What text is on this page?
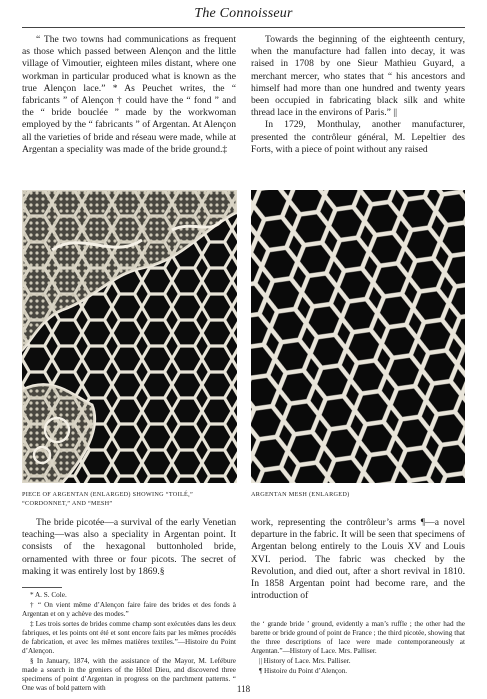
The Connoisseur

“ The two towns had communications as frequent as those which passed between Alençon and the little village of Vimoutier, eighteen miles distant, where one workman in particular produced what is known as the true Alençon lace.” * As Peuchet writes, the “ fabricants ” of Alençon † could have the “ fond ” and the “ bride bouclée ” made by the workwoman employed by the “ fabricants ” of Argentan. At Alençon all the varieties of bride and réseau were made, while at Argentan a speciality was made of the bride ground.‡

Towards the beginning of the eighteenth century, when the manufacture had fallen into decay, it was raised in 1708 by one Sieur Mathieu Guyard, a merchant mercer, who states that “ his ancestors and himself had more than one hundred and twenty years been occupied in fabricating black silk and white thread lace in the environs of Paris.” ||

In 1729, Monthulay, another manufacturer, presented the contrôleur général, M. Lepeltier des Forts, with a piece of point without any raised

PIECE OF ARGENTAN (ENLARGED) SHOWING “TOILÉ,” “CORDONNET,” AND “MESH”
ARGENTAN MESH (ENLARGED)

The bride picotée—a survival of the early Venetian teaching—was also a speciality in Argentan point. It consists of the hexagonal buttonholed bride, ornamented with three or four picots. The secret of making it was entirely lost by 1869.§

work, representing the contrôleur’s arms ¶—a novel departure in the fabric. It will be seen that specimens of Argentan belong entirely to the Louis XV and Louis XVI. period. The fabric was checked by the Revolution, and died out, after a short revival in 1810. In 1858 Argentan point had become rare, and the introduction of

* A. S. Cole.

† “ On vient même d’Alençon faire faire des brides et des fonds à Argentan et on y achève des modes.”

‡ Les trois sortes de brides comme champ sont exécutées dans les deux fabriques, et les points ont été et sont encore faits par les mêmes procédés de fabrication, et avec les mêmes matières textiles.”—Histoire du Point d’Alençon.

§ In January, 1874, with the assistance of the Mayor, M. Lefébure made a search in the greniers of the Hôtel Dieu, and discovered three specimens of point d’Argentan in progress on the parchment patterns. “ One was of bold pattern with

the ‘ grande bride ’ ground, evidently a man’s ruffle ; the other had the barette or bride ground of point de France ; the third picotée, showing that the three descriptions of lace were made contemporaneously at Argentan.”—History of Lace. Mrs. Palliser.

|| History of Lace. Mrs. Palliser.

¶ Histoire du Point d’Alençon.

118
